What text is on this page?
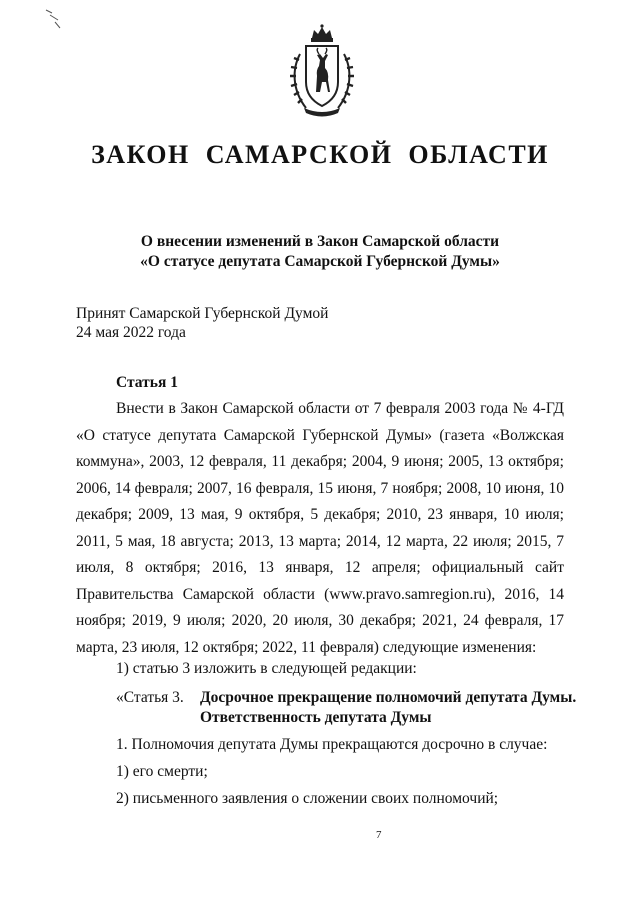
ЗАКОН САМАРСКОЙ ОБЛАСТИ
О внесении изменений в Закон Самарской области
«О статусе депутата Самарской Губернской Думы»
Принят Самарской Губернской Думой
24 мая 2022 года
Статья 1

Внести в Закон Самарской области от 7 февраля 2003 года № 4-ГД «О статусе депутата Самарской Губернской Думы» (газета «Волжская коммуна», 2003, 12 февраля, 11 декабря; 2004, 9 июня; 2005, 13 октября; 2006, 14 февраля; 2007, 16 февраля, 15 июня, 7 ноября; 2008, 10 июня, 10 декабря; 2009, 13 мая, 9 октября, 5 декабря; 2010, 23 января, 10 июля; 2011, 5 мая, 18 августа; 2013, 13 марта; 2014, 12 марта, 22 июля; 2015, 7 июля, 8 октября; 2016, 13 января, 12 апреля; официальный сайт Правительства Самарской области (www.pravo.samregion.ru), 2016, 14 ноября; 2019, 9 июля; 2020, 20 июля, 30 декабря; 2021, 24 февраля, 17 марта, 23 июля, 12 октября; 2022, 11 февраля) следующие изменения:

1) статью 3 изложить в следующей редакции:
«Статья 3. Досрочное прекращение полномочий депутата Думы.
Ответственность депутата Думы
1. Полномочия депутата Думы прекращаются досрочно в случае:
1) его смерти;
2) письменного заявления о сложении своих полномочий;
7
